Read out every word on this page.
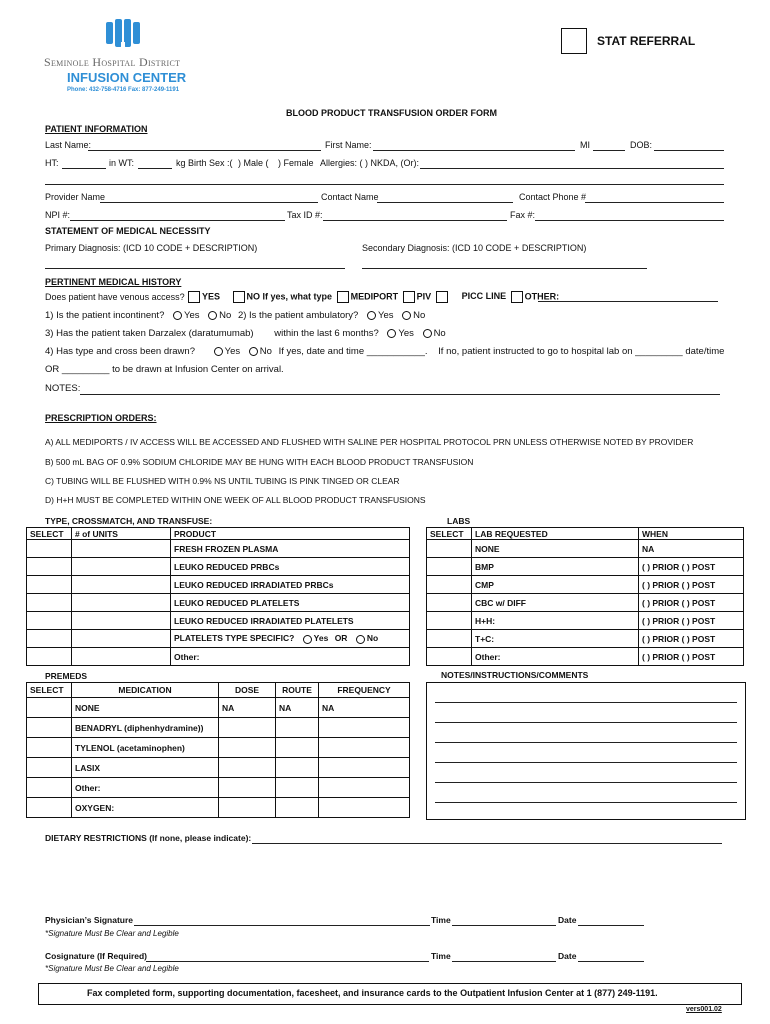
Seminole Hospital District
INFUSION CENTER
Phone: 432-758-4716 Fax: 877-249-1191
STAT REFERRAL
BLOOD PRODUCT TRANSFUSION ORDER FORM
PATIENT INFORMATION
Last Name:	First Name:	MI	DOB:
HT:	in WT:	kg Birth Sex :( ) Male ( ) Female Allergies: ( ) NKDA, (Or):
Provider Name	Contact Name	Contact Phone #
NPI #:	Tax ID #:	Fax #:
STATEMENT OF MEDICAL NECESSITY
Primary Diagnosis: (ICD 10 CODE + DESCRIPTION)	Secondary Diagnosis: (ICD 10 CODE + DESCRIPTION)
PERTINENT MEDICAL HISTORY
Does patient have venous access?	YES	NO If yes, what type MEDIPORT PIV	PICC LINE OTHER:
1) Is the patient incontinent? Yes No 2) Is the patient ambulatory? Yes No
3) Has the patient taken Darzalex (daratumumab) within the last 6 months? Yes No
4) Has type and cross been drawn?	Yes No If yes, date and time ___________. If no, patient instructed to go to hospital lab on _________ date/time
OR _________ to be drawn at Infusion Center on arrival.
NOTES:
PRESCRIPTION ORDERS:
A) ALL MEDIPORTS / IV ACCESS WILL BE ACCESSED AND FLUSHED WITH SALINE PER HOSPITAL PROTOCOL PRN UNLESS OTHERWISE NOTED BY PROVIDER
B) 500 mL BAG OF 0.9% SODIUM CHLORIDE MAY BE HUNG WITH EACH BLOOD PRODUCT TRANSFUSION
C) TUBING WILL BE FLUSHED WITH 0.9% NS UNTIL TUBING IS PINK TINGED OR CLEAR
D) H+H MUST BE COMPLETED WITHIN ONE WEEK OF ALL BLOOD PRODUCT TRANSFUSIONS
TYPE, CROSSMATCH, AND TRANSFUSE:
SELECT	# of UNITS	PRODUCT
		FRESH FROZEN PLASMA
		LEUKO REDUCED PRBCs
		LEUKO REDUCED IRRADIATED PRBCs
		LEUKO REDUCED PLATELETS
		LEUKO REDUCED IRRADIATED PLATELETS
		PLATELETS TYPE SPECIFIC? Yes OR No
		Other:
LABS
SELECT	LAB REQUESTED	WHEN
	NONE	NA
	BMP	( ) PRIOR ( ) POST
	CMP	( ) PRIOR ( ) POST
	CBC w/ DIFF	( ) PRIOR ( ) POST
	H+H:	( ) PRIOR ( ) POST
	T+C:	( ) PRIOR ( ) POST
	Other:	( ) PRIOR ( ) POST
PREMEDS
SELECT	MEDICATION	DOSE	ROUTE	FREQUENCY
	NONE	NA	NA	NA
	BENADRYL (diphenhydramine))			
	TYLENOL (acetaminophen)			
	LASIX			
	Other:			
	OXYGEN:			
NOTES/INSTRUCTIONS/COMMENTS
DIETARY RESTRICTIONS (If none, please indicate):
Physician’s Signature	Time	Date
*Signature Must Be Clear and Legible
Cosignature (If Required)	Time	Date
*Signature Must Be Clear and Legible
Fax completed form, supporting documentation, facesheet, and insurance cards to the Outpatient Infusion Center at 1 (877) 249-1191.
vers001.02
